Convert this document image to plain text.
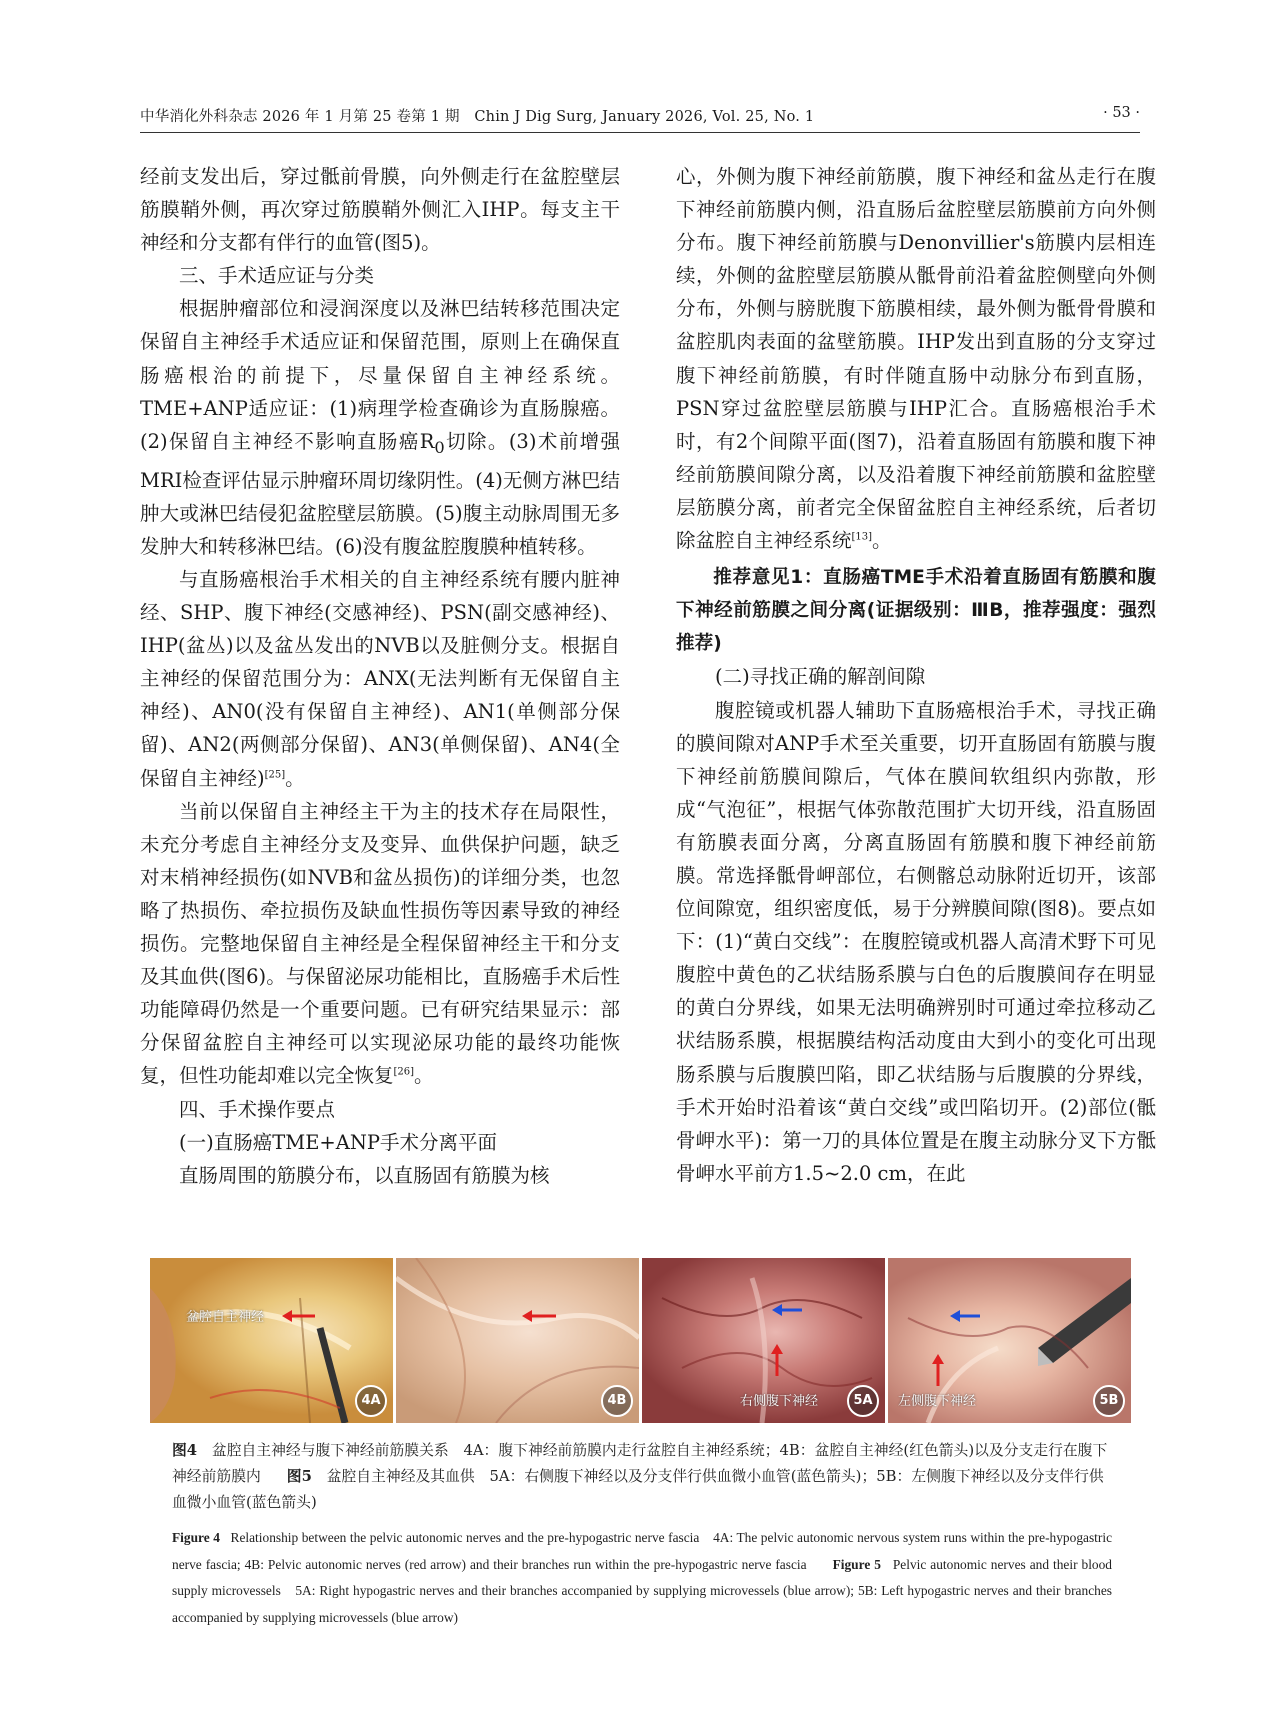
中华消化外科杂志 2026 年 1 月第 25 卷第 1 期　Chin J Dig Surg, January 2026, Vol. 25, No. 1	· 53 ·

经前支发出后，穿过骶前骨膜，向外侧走行在盆腔壁层筋膜鞘外侧，再次穿过筋膜鞘外侧汇入IHP。每支主干神经和分支都有伴行的血管(图5)。

三、手术适应证与分类

根据肿瘤部位和浸润深度以及淋巴结转移范围决定保留自主神经手术适应证和保留范围，原则上在确保直肠癌根治的前提下，尽量保留自主神经系统。TME+ANP适应证：(1)病理学检查确诊为直肠腺癌。(2)保留自主神经不影响直肠癌$R_0$切除。(3)术前增强MRI检查评估显示肿瘤环周切缘阴性。(4)无侧方淋巴结肿大或淋巴结侵犯盆腔壁层筋膜。(5)腹主动脉周围无多发肿大和转移淋巴结。(6)没有腹盆腔腹膜种植转移。

与直肠癌根治手术相关的自主神经系统有腰内脏神经、SHP、腹下神经(交感神经)、PSN(副交感神经)、IHP(盆丛)以及盆丛发出的NVB以及脏侧分支。根据自主神经的保留范围分为：ANX(无法判断有无保留自主神经)、AN0(没有保留自主神经)、AN1(单侧部分保留)、AN2(两侧部分保留)、AN3(单侧保留)、AN4(全保留自主神经)[25]。

当前以保留自主神经主干为主的技术存在局限性，未充分考虑自主神经分支及变异、血供保护问题，缺乏对末梢神经损伤(如NVB和盆丛损伤)的详细分类，也忽略了热损伤、牵拉损伤及缺血性损伤等因素导致的神经损伤。完整地保留自主神经是全程保留神经主干和分支及其血供(图6)。与保留泌尿功能相比，直肠癌手术后性功能障碍仍然是一个重要问题。已有研究结果显示：部分保留盆腔自主神经可以实现泌尿功能的最终功能恢复，但性功能却难以完全恢复[26]。

四、手术操作要点

(一)直肠癌TME+ANP手术分离平面

直肠周围的筋膜分布，以直肠固有筋膜为核

心，外侧为腹下神经前筋膜，腹下神经和盆丛走行在腹下神经前筋膜内侧，沿直肠后盆腔壁层筋膜前方向外侧分布。腹下神经前筋膜与Denonvillier's筋膜内层相连续，外侧的盆腔壁层筋膜从骶骨前沿着盆腔侧壁向外侧分布，外侧与膀胱腹下筋膜相续，最外侧为骶骨骨膜和盆腔肌肉表面的盆壁筋膜。IHP发出到直肠的分支穿过腹下神经前筋膜，有时伴随直肠中动脉分布到直肠，PSN穿过盆腔壁层筋膜与IHP汇合。直肠癌根治手术时，有2个间隙平面(图7)，沿着直肠固有筋膜和腹下神经前筋膜间隙分离，以及沿着腹下神经前筋膜和盆腔壁层筋膜分离，前者完全保留盆腔自主神经系统，后者切除盆腔自主神经系统[13]。

推荐意见1：直肠癌TME手术沿着直肠固有筋膜和腹下神经前筋膜之间分离(证据级别：ⅢB，推荐强度：强烈推荐)

(二)寻找正确的解剖间隙

腹腔镜或机器人辅助下直肠癌根治手术，寻找正确的膜间隙对ANP手术至关重要，切开直肠固有筋膜与腹下神经前筋膜间隙后，气体在膜间软组织内弥散，形成“气泡征”，根据气体弥散范围扩大切开线，沿直肠固有筋膜表面分离，分离直肠固有筋膜和腹下神经前筋膜。常选择骶骨岬部位，右侧髂总动脉附近切开，该部位间隙宽，组织密度低，易于分辨膜间隙(图8)。要点如下：(1)“黄白交线”：在腹腔镜或机器人高清术野下可见腹腔中黄色的乙状结肠系膜与白色的后腹膜间存在明显的黄白分界线，如果无法明确辨别时可通过牵拉移动乙状结肠系膜，根据膜结构活动度由大到小的变化可出现肠系膜与后腹膜凹陷，即乙状结肠与后腹膜的分界线，手术开始时沿着该“黄白交线”或凹陷切开。(2)部位(骶骨岬水平)：第一刀的具体位置是在腹主动脉分叉下方骶骨岬水平前方1.5~2.0 cm，在此

盆腔自主神经
4A	4B	右侧腹下神经	5A	左侧腹下神经	5B
图4　 盆腔自主神经与腹下神经前筋膜关系　4A：腹下神经前筋膜内走行盆腔自主神经系统；4B：盆腔自主神经(红色箭头)以及分支走行在腹下神经前筋膜内 图5　 盆腔自主神经及其血供　5A：右侧腹下神经以及分支伴行供血微小血管(蓝色箭头)；5B：左侧腹下神经以及分支伴行供血微小血管(蓝色箭头)
Figure 4 Relationship between the pelvic autonomic nerves and the pre-hypogastric nerve fascia　4A: The pelvic autonomic nervous system runs within the pre-hypogastric nerve fascia; 4B: Pelvic autonomic nerves (red arrow) and their branches run within the pre-hypogastric nerve fascia Figure 5 Pelvic autonomic nerves and their blood supply microvessels　5A: Right hypogastric nerves and their branches accompanied by supplying microvessels (blue arrow); 5B: Left hypogastric nerves and their branches accompanied by supplying microvessels (blue arrow)
